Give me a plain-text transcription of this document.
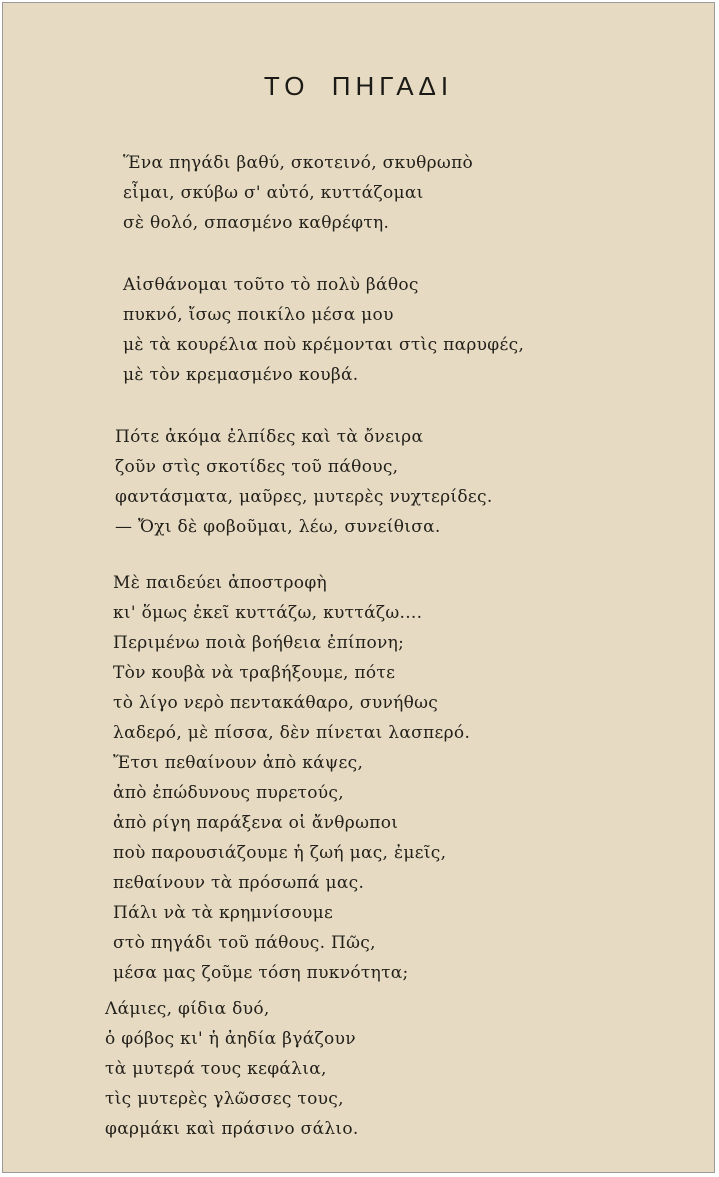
ΤΟ ΠΗΓΑΔΙ
Ἕνα πηγάδι βαθύ, σκοτεινό, σκυθρωπὸ
εἶμαι, σκύβω σ' αὐτό, κυττάζομαι
σὲ θολό, σπασμένο καθρέφτη.
Αἰσθάνομαι τοῦτο τὸ πολὺ βάθος
πυκνό, ἴσως ποικίλο μέσα μου
μὲ τὰ κουρέλια ποὺ κρέμονται στὶς παρυφές,
μὲ τὸν κρεμασμένο κουβά.
Πότε ἀκόμα ἐλπίδες καὶ τὰ ὄνειρα
ζοῦν στὶς σκοτίδες τοῦ πάθους,
φαντάσματα, μαῦρες, μυτερὲς νυχτερίδες.
— Ὄχι δὲ φοβοῦμαι, λέω, συνείθισα.
Μὲ παιδεύει ἀποστροφὴ
κι' ὅμως ἐκεῖ κυττάζω, κυττάζω....
Περιμένω ποιὰ βοήθεια ἐπίπονη;
Τὸν κουβὰ νὰ τραβήξουμε, πότε
τὸ λίγο νερὸ πεντακάθαρο, συνήθως
λαδερό, μὲ πίσσα, δὲν πίνεται λασπερό.
Ἔτσι πεθαίνουν ἀπὸ κάψες,
ἀπὸ ἐπώδυνους πυρετούς,
ἀπὸ ρίγη παράξενα οἱ ἄνθρωποι
ποὺ παρουσιάζουμε ἡ ζωή μας, ἐμεῖς,
πεθαίνουν τὰ πρόσωπά μας.
Πάλι νὰ τὰ κρημνίσουμε
στὸ πηγάδι τοῦ πάθους. Πῶς,
μέσα μας ζοῦμε τόση πυκνότητα;
Λάμιες, φίδια δυό,
ὁ φόβος κι' ἡ ἀηδία βγάζουν
τὰ μυτερά τους κεφάλια,
τὶς μυτερὲς γλῶσσες τους,
φαρμάκι καὶ πράσινο σάλιο.
